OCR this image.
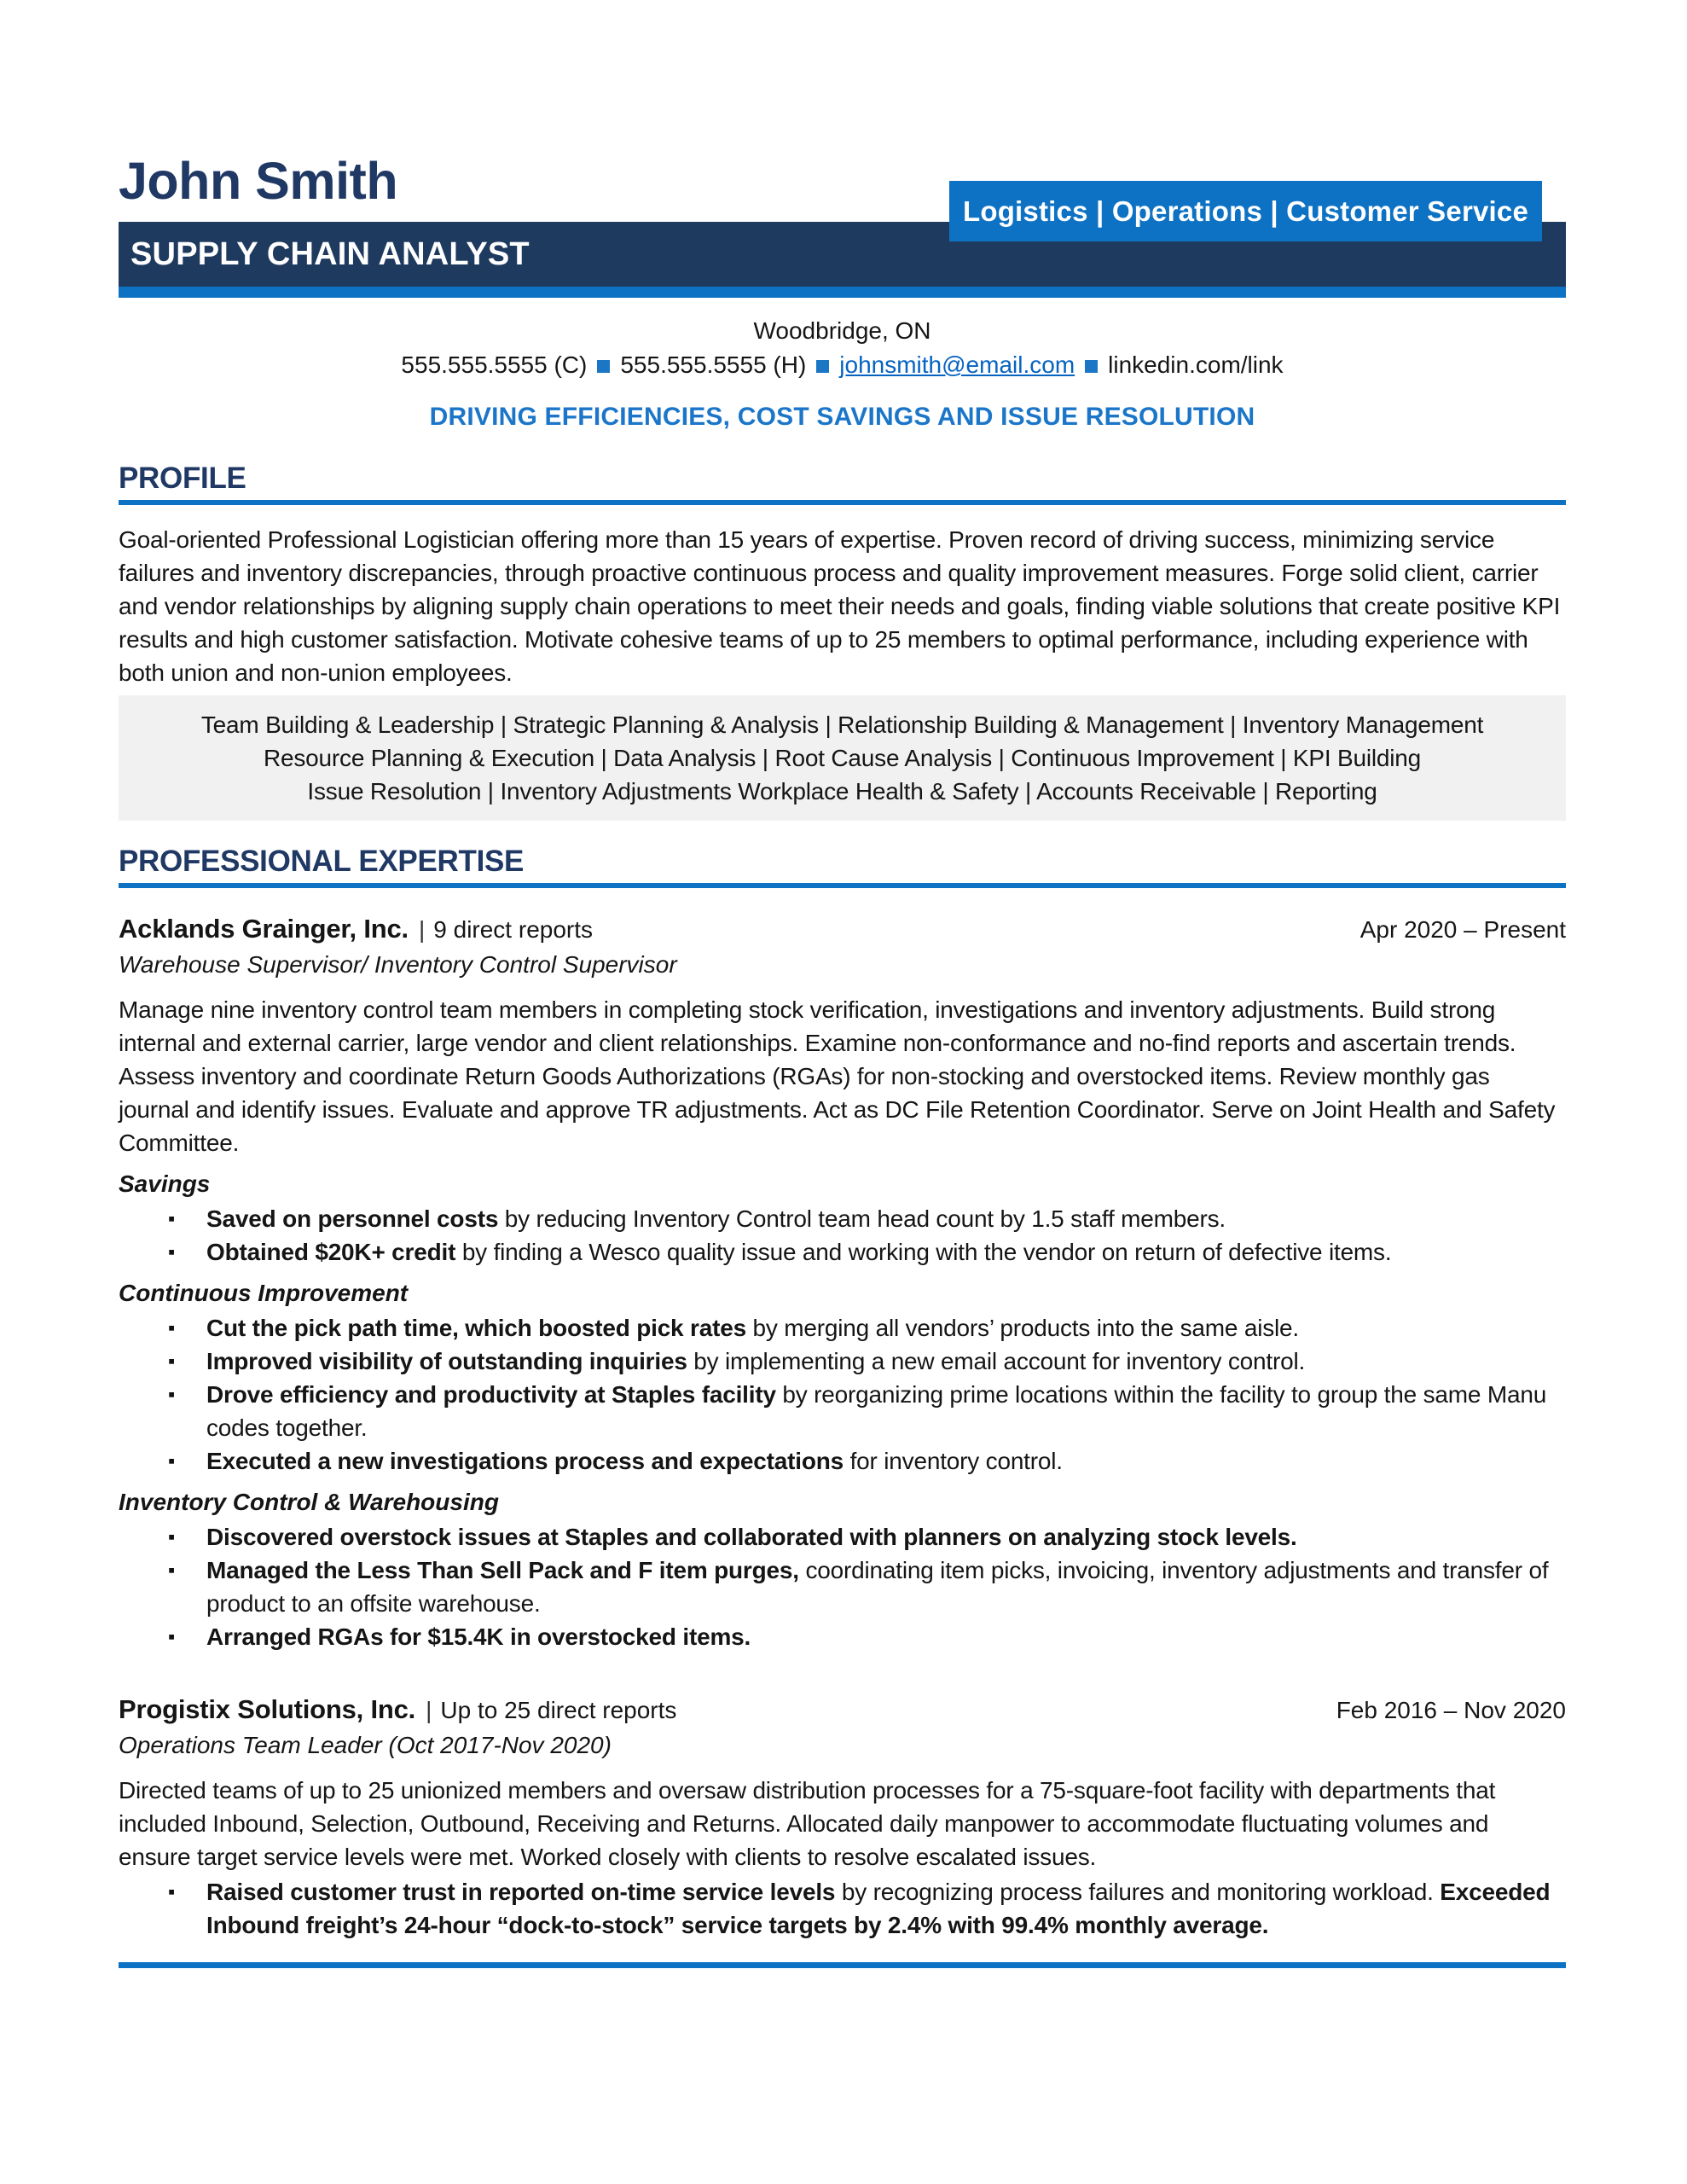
John Smith
SUPPLY CHAIN ANALYST
Woodbridge, ON
555.555.5555 (C) 555.555.5555 (H) johnsmith@email.com linkedin.com/link
DRIVING EFFICIENCIES, COST SAVINGS AND ISSUE RESOLUTION
PROFILE

Goal-oriented Professional Logistician offering more than 15 years of expertise. Proven record of driving success, minimizing service failures and inventory discrepancies, through proactive continuous process and quality improvement measures. Forge solid client, carrier and vendor relationships by aligning supply chain operations to meet their needs and goals, finding viable solutions that create positive KPI results and high customer satisfaction. Motivate cohesive teams of up to 25 members to optimal performance, including experience with both union and non-union employees.

Team Building & Leadership | Strategic Planning & Analysis | Relationship Building & Management | Inventory Management
Resource Planning & Execution | Data Analysis | Root Cause Analysis | Continuous Improvement | KPI Building
Issue Resolution | Inventory Adjustments Workplace Health & Safety | Accounts Receivable | Reporting
PROFESSIONAL EXPERTISE
Acklands Grainger, Inc. | 9 direct reports	Apr 2020 – Present
Warehouse Supervisor/ Inventory Control Supervisor

Manage nine inventory control team members in completing stock verification, investigations and inventory adjustments. Build strong internal and external carrier, large vendor and client relationships. Examine non-conformance and no-find reports and ascertain trends. Assess inventory and coordinate Return Goods Authorizations (RGAs) for non-stocking and overstocked items. Review monthly gas journal and identify issues. Evaluate and approve TR adjustments. Act as DC File Retention Coordinator. Serve on Joint Health and Safety Committee.

Savings
▪ Saved on personnel costs by reducing Inventory Control team head count by 1.5 staff members.
▪ Obtained $20K+ credit by finding a Wesco quality issue and working with the vendor on return of defective items.
Continuous Improvement
▪ Cut the pick path time, which boosted pick rates by merging all vendors’ products into the same aisle.
▪ Improved visibility of outstanding inquiries by implementing a new email account for inventory control.
▪ Drove efficiency and productivity at Staples facility by reorganizing prime locations within the facility to group the same Manu codes together.
▪ Executed a new investigations process and expectations for inventory control.
Inventory Control & Warehousing
▪ Discovered overstock issues at Staples and collaborated with planners on analyzing stock levels.
▪ Managed the Less Than Sell Pack and F item purges, coordinating item picks, invoicing, inventory adjustments and transfer of product to an offsite warehouse.
▪ Arranged RGAs for $15.4K in overstocked items.
Progistix Solutions, Inc. | Up to 25 direct reports	Feb 2016 – Nov 2020
Operations Team Leader (Oct 2017-Nov 2020)

Directed teams of up to 25 unionized members and oversaw distribution processes for a 75-square-foot facility with departments that included Inbound, Selection, Outbound, Receiving and Returns. Allocated daily manpower to accommodate fluctuating volumes and ensure target service levels were met. Worked closely with clients to resolve escalated issues.

▪ Raised customer trust in reported on-time service levels by recognizing process failures and monitoring workload. Exceeded Inbound freight’s 24-hour “dock-to-stock” service targets by 2.4% with 99.4% monthly average.
Logistics | Operations | Customer Service
